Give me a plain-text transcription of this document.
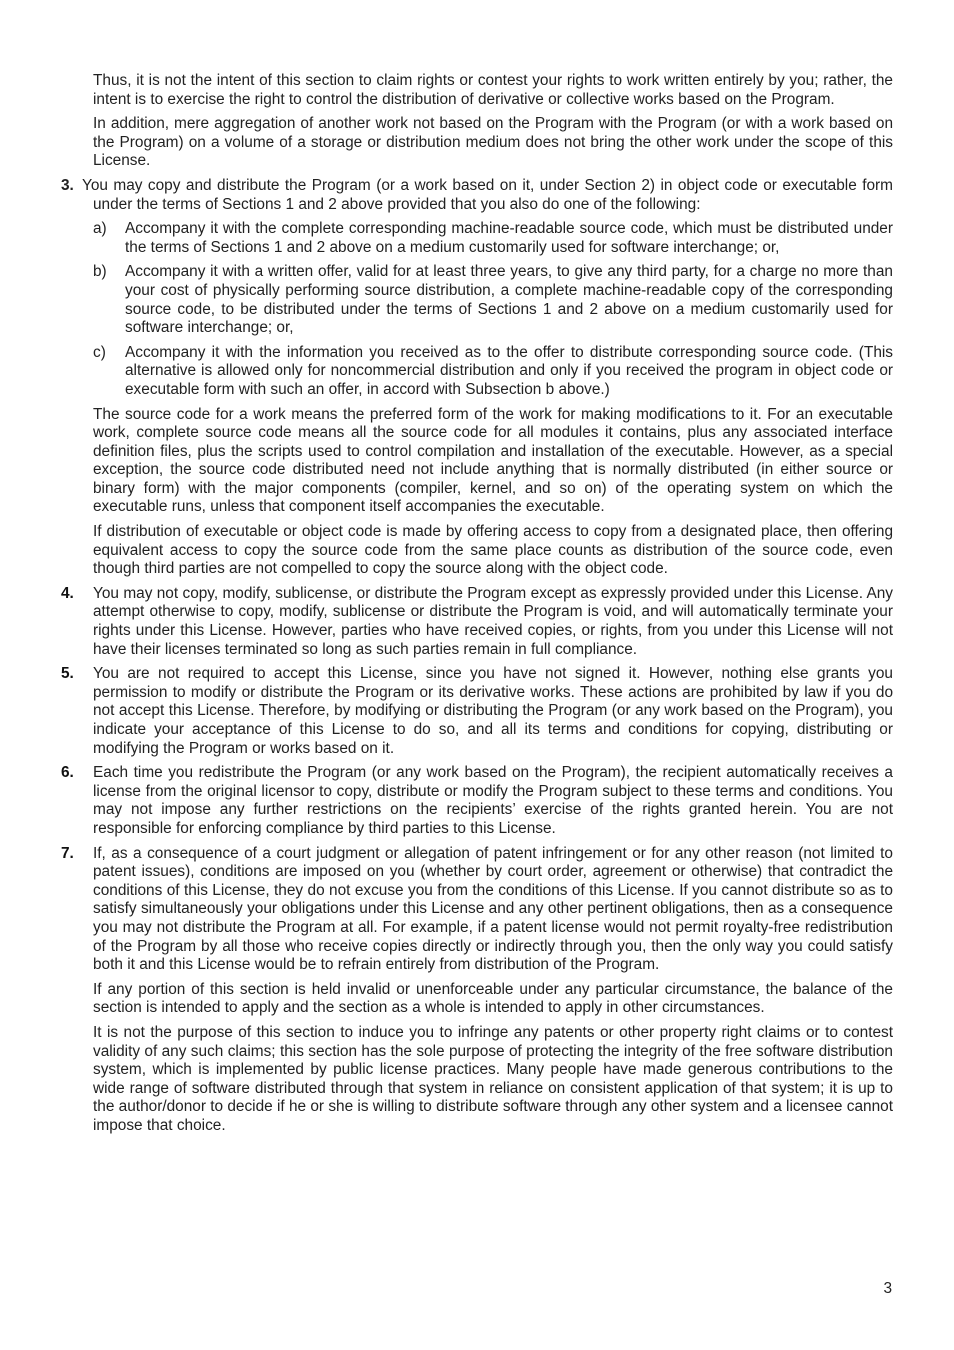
Thus, it is not the intent of this section to claim rights or contest your rights to work written entirely by you; rather, the intent is to exercise the right to control the distribution of derivative or collective works based on the Program.

In addition, mere aggregation of another work not based on the Program with the Program (or with a work based on the Program) on a volume of a storage or distribution medium does not bring the other work under the scope of this License.

3. You may copy and distribute the Program (or a work based on it, under Section 2) in object code or executable form under the terms of Sections 1 and 2 above provided that you also do one of the following:

a) Accompany it with the complete corresponding machine-readable source code, which must be distributed under the terms of Sections 1 and 2 above on a medium customarily used for software interchange; or,

b) Accompany it with a written offer, valid for at least three years, to give any third party, for a charge no more than your cost of physically performing source distribution, a complete machine-readable copy of the corresponding source code, to be distributed under the terms of Sections 1 and 2 above on a medium customarily used for software interchange; or,

c) Accompany it with the information you received as to the offer to distribute corresponding source code. (This alternative is allowed only for noncommercial distribution and only if you received the program in object code or executable form with such an offer, in accord with Subsection b above.)

The source code for a work means the preferred form of the work for making modifications to it. For an executable work, complete source code means all the source code for all modules it contains, plus any associated interface definition files, plus the scripts used to control compilation and installation of the executable. However, as a special exception, the source code distributed need not include anything that is normally distributed (in either source or binary form) with the major components (compiler, kernel, and so on) of the operating system on which the executable runs, unless that component itself accompanies the executable.

If distribution of executable or object code is made by offering access to copy from a designated place, then offering equivalent access to copy the source code from the same place counts as distribution of the source code, even though third parties are not compelled to copy the source along with the object code.

4. You may not copy, modify, sublicense, or distribute the Program except as expressly provided under this License. Any attempt otherwise to copy, modify, sublicense or distribute the Program is void, and will automatically terminate your rights under this License. However, parties who have received copies, or rights, from you under this License will not have their licenses terminated so long as such parties remain in full compliance.

5. You are not required to accept this License, since you have not signed it. However, nothing else grants you permission to modify or distribute the Program or its derivative works. These actions are prohibited by law if you do not accept this License. Therefore, by modifying or distributing the Program (or any work based on the Program), you indicate your acceptance of this License to do so, and all its terms and conditions for copying, distributing or modifying the Program or works based on it.

6. Each time you redistribute the Program (or any work based on the Program), the recipient automatically receives a license from the original licensor to copy, distribute or modify the Program subject to these terms and conditions. You may not impose any further restrictions on the recipients’ exercise of the rights granted herein. You are not responsible for enforcing compliance by third parties to this License.

7. If, as a consequence of a court judgment or allegation of patent infringement or for any other reason (not limited to patent issues), conditions are imposed on you (whether by court order, agreement or otherwise) that contradict the conditions of this License, they do not excuse you from the conditions of this License. If you cannot distribute so as to satisfy simultaneously your obligations under this License and any other pertinent obligations, then as a consequence you may not distribute the Program at all. For example, if a patent license would not permit royalty-free redistribution of the Program by all those who receive copies directly or indirectly through you, then the only way you could satisfy both it and this License would be to refrain entirely from distribution of the Program.

If any portion of this section is held invalid or unenforceable under any particular circumstance, the balance of the section is intended to apply and the section as a whole is intended to apply in other circumstances.

It is not the purpose of this section to induce you to infringe any patents or other property right claims or to contest validity of any such claims; this section has the sole purpose of protecting the integrity of the free software distribution system, which is implemented by public license practices. Many people have made generous contributions to the wide range of software distributed through that system in reliance on consistent application of that system; it is up to the author/donor to decide if he or she is willing to distribute software through any other system and a licensee cannot impose that choice.

3
